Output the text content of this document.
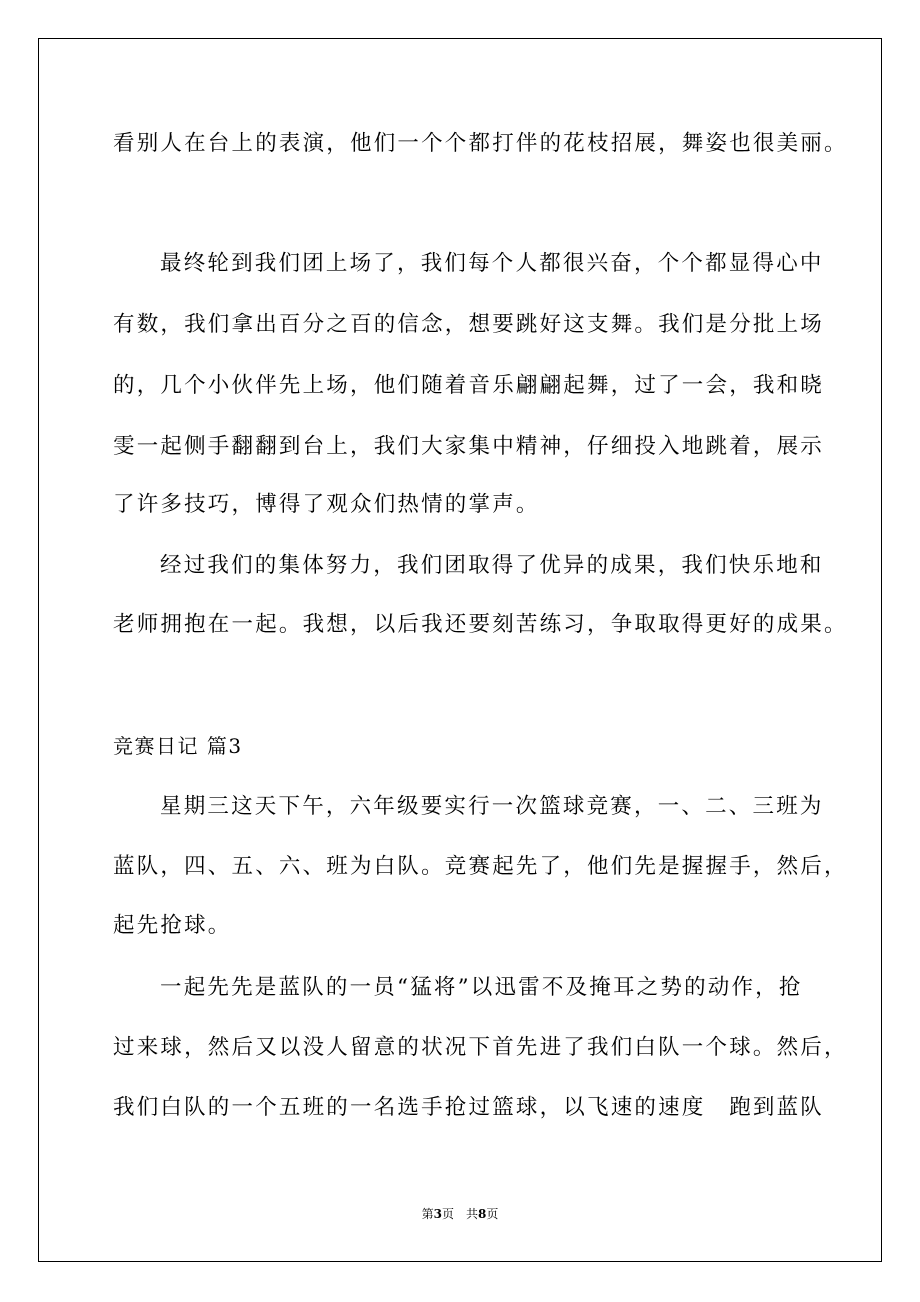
看别人在台上的表演，他们一个个都打伴的花枝招展，舞姿也很美丽。
最终轮到我们团上场了，我们每个人都很兴奋，个个都显得心中
有数，我们拿出百分之百的信念，想要跳好这支舞。我们是分批上场
的，几个小伙伴先上场，他们随着音乐翩翩起舞，过了一会，我和晓
雯一起侧手翻翻到台上，我们大家集中精神，仔细投入地跳着，展示
了许多技巧，博得了观众们热情的掌声。
经过我们的集体努力，我们团取得了优异的成果，我们快乐地和
老师拥抱在一起。我想，以后我还要刻苦练习，争取取得更好的成果。
竞赛日记 篇3
星期三这天下午，六年级要实行一次篮球竞赛，一、二、三班为
蓝队，四、五、六、班为白队。竞赛起先了，他们先是握握手，然后，
起先抢球。
一起先先是蓝队的一员“猛将”以迅雷不及掩耳之势的动作，抢
过来球，然后又以没人留意的状况下首先进了我们白队一个球。然后，
我们白队的一个五班的一名选手抢过篮球，以飞速的速度　跑到蓝队
第3页　共8页
